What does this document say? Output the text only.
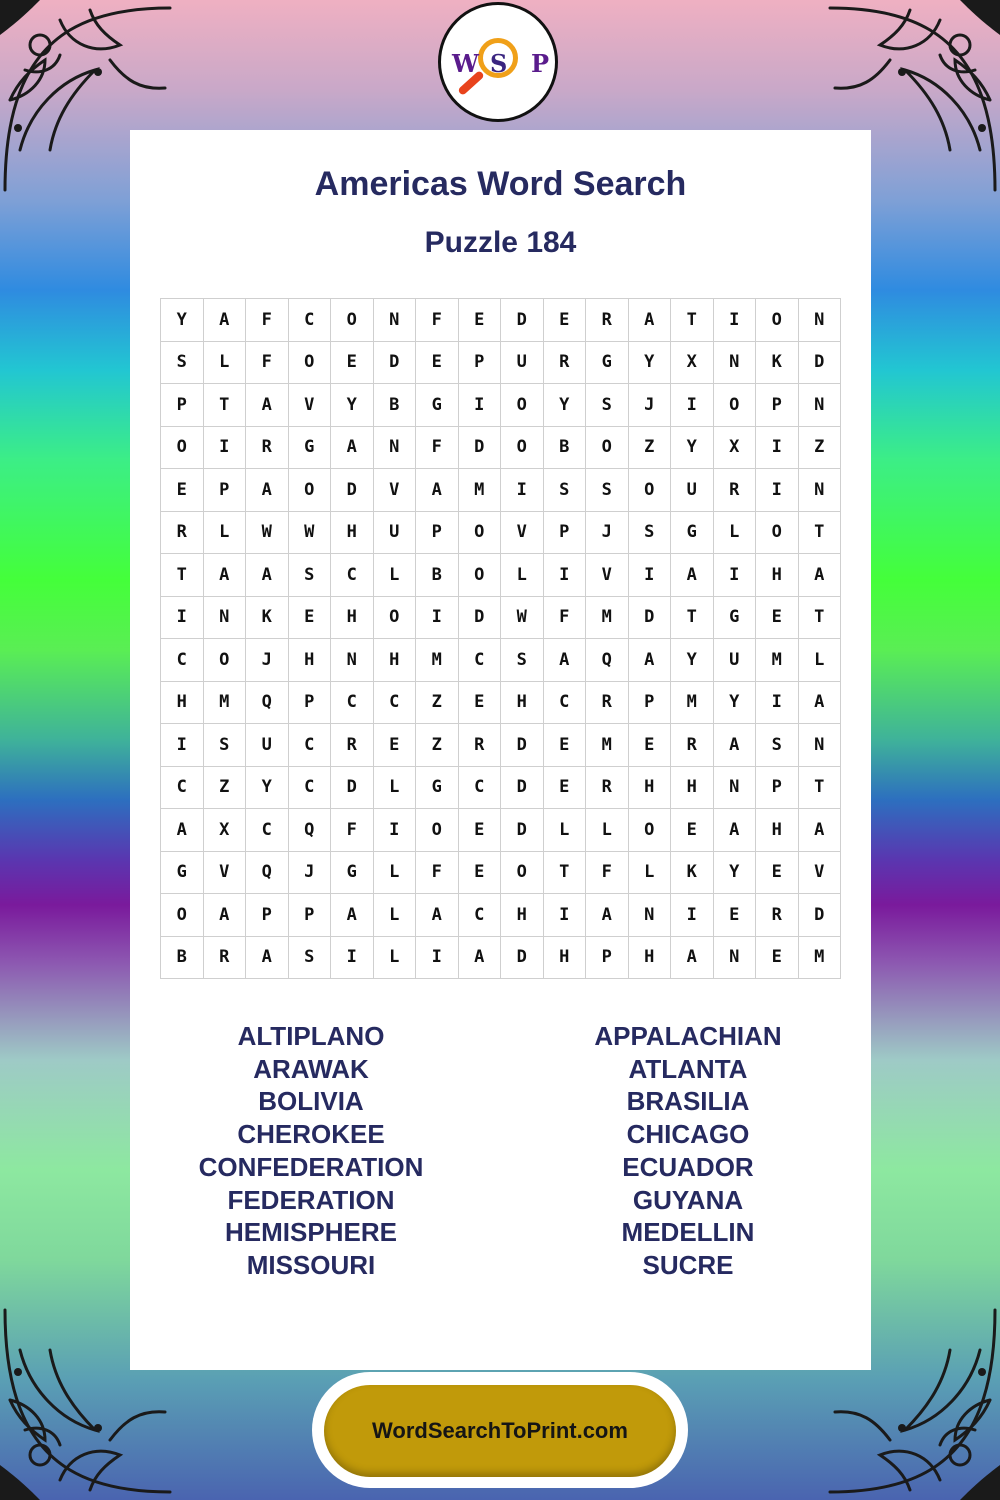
W S P
Americas Word Search
Puzzle 184
Y	A	F	C	O	N	F	E	D	E	R	A	T	I	O	N
S	L	F	O	E	D	E	P	U	R	G	Y	X	N	K	D
P	T	A	V	Y	B	G	I	O	Y	S	J	I	O	P	N
O	I	R	G	A	N	F	D	O	B	O	Z	Y	X	I	Z
E	P	A	O	D	V	A	M	I	S	S	O	U	R	I	N
R	L	W	W	H	U	P	O	V	P	J	S	G	L	O	T
T	A	A	S	C	L	B	O	L	I	V	I	A	I	H	A
I	N	K	E	H	O	I	D	W	F	M	D	T	G	E	T
C	O	J	H	N	H	M	C	S	A	Q	A	Y	U	M	L
H	M	Q	P	C	C	Z	E	H	C	R	P	M	Y	I	A
I	S	U	C	R	E	Z	R	D	E	M	E	R	A	S	N
C	Z	Y	C	D	L	G	C	D	E	R	H	H	N	P	T
A	X	C	Q	F	I	O	E	D	L	L	O	E	A	H	A
G	V	Q	J	G	L	F	E	O	T	F	L	K	Y	E	V
O	A	P	P	A	L	A	C	H	I	A	N	I	E	R	D
B	R	A	S	I	L	I	A	D	H	P	H	A	N	E	M
ALTIPLANO
ARAWAK
BOLIVIA
CHEROKEE
CONFEDERATION
FEDERATION
HEMISPHERE
MISSOURI
APPALACHIAN
ATLANTA
BRASILIA
CHICAGO
ECUADOR
GUYANA
MEDELLIN
SUCRE
WordSearchToPrint.com
